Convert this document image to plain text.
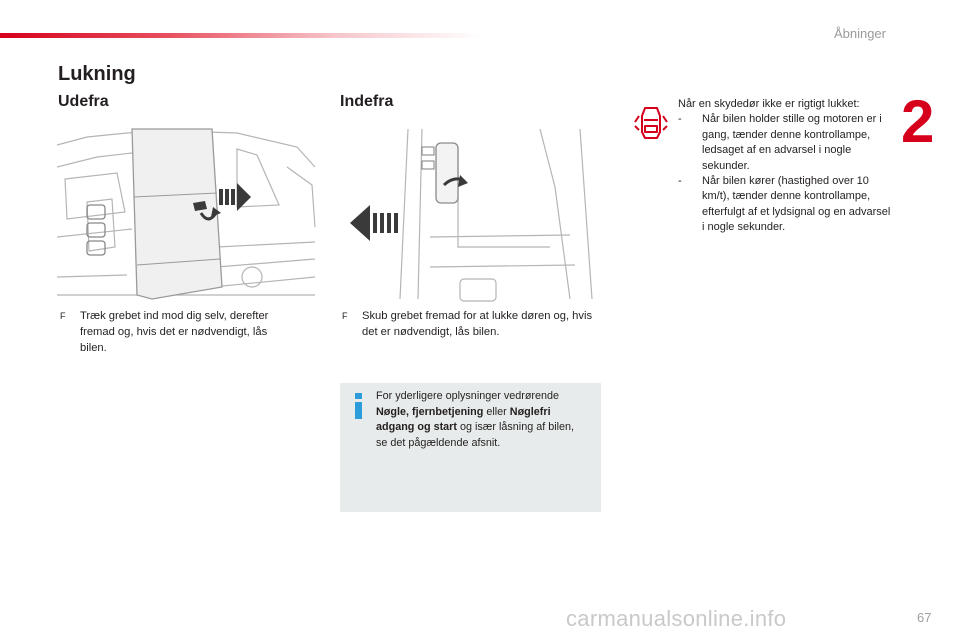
Åbninger
2
Lukning
Udefra	Indefra
F Træk grebet ind mod dig selv, derefter fremad og, hvis det er nødvendigt, lås bilen.
F Skub grebet fremad for at lukke døren og, hvis det er nødvendigt, lås bilen.
For yderligere oplysninger vedrørende Nøgle, fjernbetjening eller Nøglefri adgang og start og især låsning af bilen, se det pågældende afsnit.
Når en skydedør ikke er rigtigt lukket:
- Når bilen holder stille og motoren er i gang, tænder denne kontrollampe, ledsaget af en advarsel i nogle sekunder.
- Når bilen kører (hastighed over 10 km/t), tænder denne kontrollampe, efterfulgt af et lydsignal og en advarsel i nogle sekunder.
carmanualsonline.info	67
